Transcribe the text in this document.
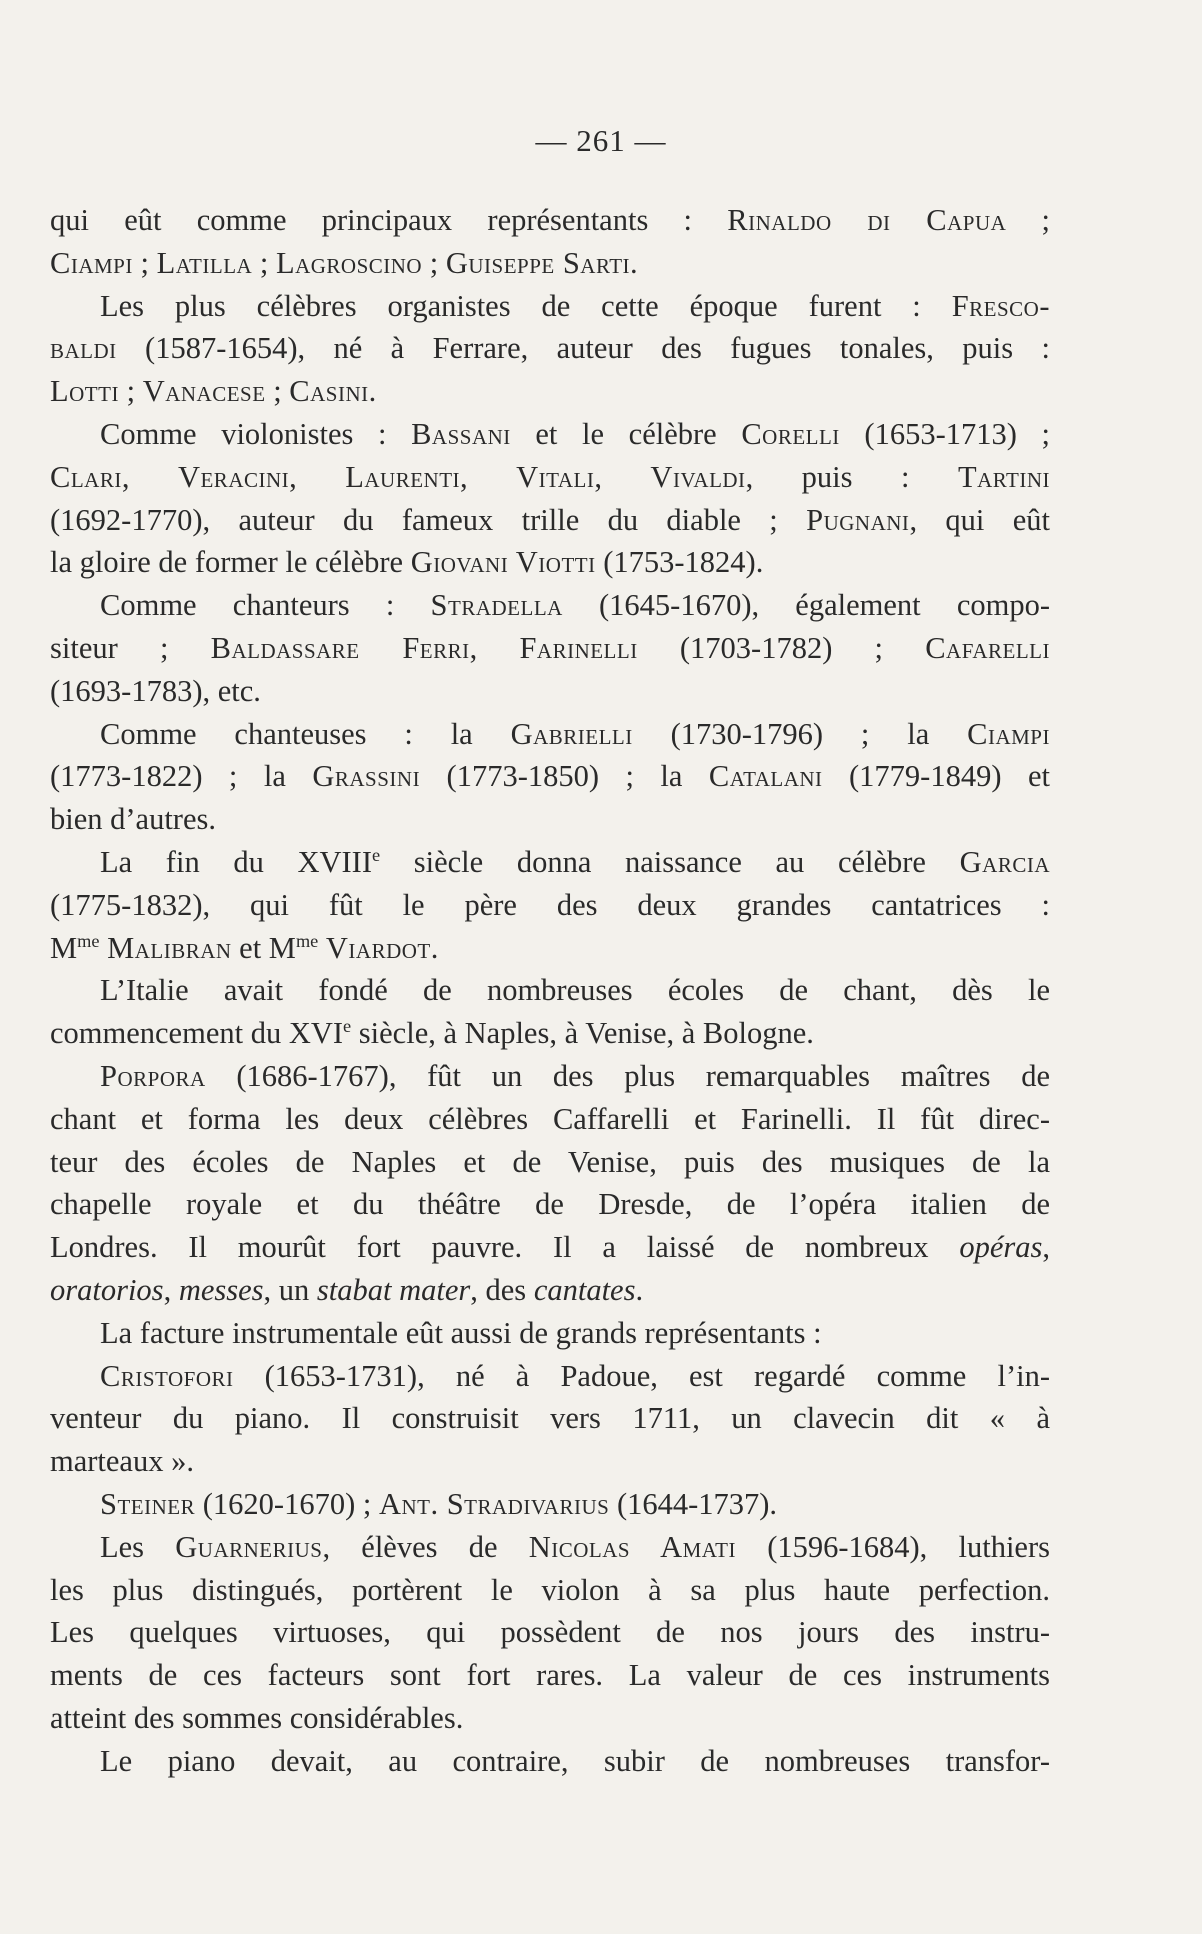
— 261 —
qui eût comme principaux représentants : Rinaldo di Capua ;
Ciampi ; Latilla ; Lagroscino ; Guiseppe Sarti.
Les plus célèbres organistes de cette époque furent : Fresco-
baldi (1587-1654), né à Ferrare, auteur des fugues tonales, puis :
Lotti ; Vanacese ; Casini.
Comme violonistes : Bassani et le célèbre Corelli (1653-1713) ;
Clari, Veracini, Laurenti, Vitali, Vivaldi, puis : Tartini
(1692-1770), auteur du fameux trille du diable ; Pugnani, qui eût
la gloire de former le célèbre Giovani Viotti (1753-1824).
Comme chanteurs : Stradella (1645-1670), également compo-
siteur ; Baldassare Ferri, Farinelli (1703-1782) ; Cafarelli
(1693-1783), etc.
Comme chanteuses : la Gabrielli (1730-1796) ; la Ciampi
(1773-1822) ; la Grassini (1773-1850) ; la Catalani (1779-1849) et
bien d’autres.
La fin du XVIIIe siècle donna naissance au célèbre Garcia
(1775-1832), qui fût le père des deux grandes cantatrices :
$M^{me}$ Malibran et $M^{me}$ Viardot.
L’Italie avait fondé de nombreuses écoles de chant, dès le
commencement du XVIe siècle, à Naples, à Venise, à Bologne.
Porpora (1686-1767), fût un des plus remarquables maîtres de
chant et forma les deux célèbres Caffarelli et Farinelli. Il fût direc-
teur des écoles de Naples et de Venise, puis des musiques de la
chapelle royale et du théâtre de Dresde, de l’opéra italien de
Londres. Il mourût fort pauvre. Il a laissé de nombreux opéras,
oratorios, messes, un stabat mater, des cantates.
La facture instrumentale eût aussi de grands représentants :
Cristofori (1653-1731), né à Padoue, est regardé comme l’in-
venteur du piano. Il construisit vers 1711, un clavecin dit « à
marteaux ».
Steiner (1620-1670) ; Ant. Stradivarius (1644-1737).
Les Guarnerius, élèves de Nicolas Amati (1596-1684), luthiers
les plus distingués, portèrent le violon à sa plus haute perfection.
Les quelques virtuoses, qui possèdent de nos jours des instru-
ments de ces facteurs sont fort rares. La valeur de ces instruments
atteint des sommes considérables.
Le piano devait, au contraire, subir de nombreuses transfor-
